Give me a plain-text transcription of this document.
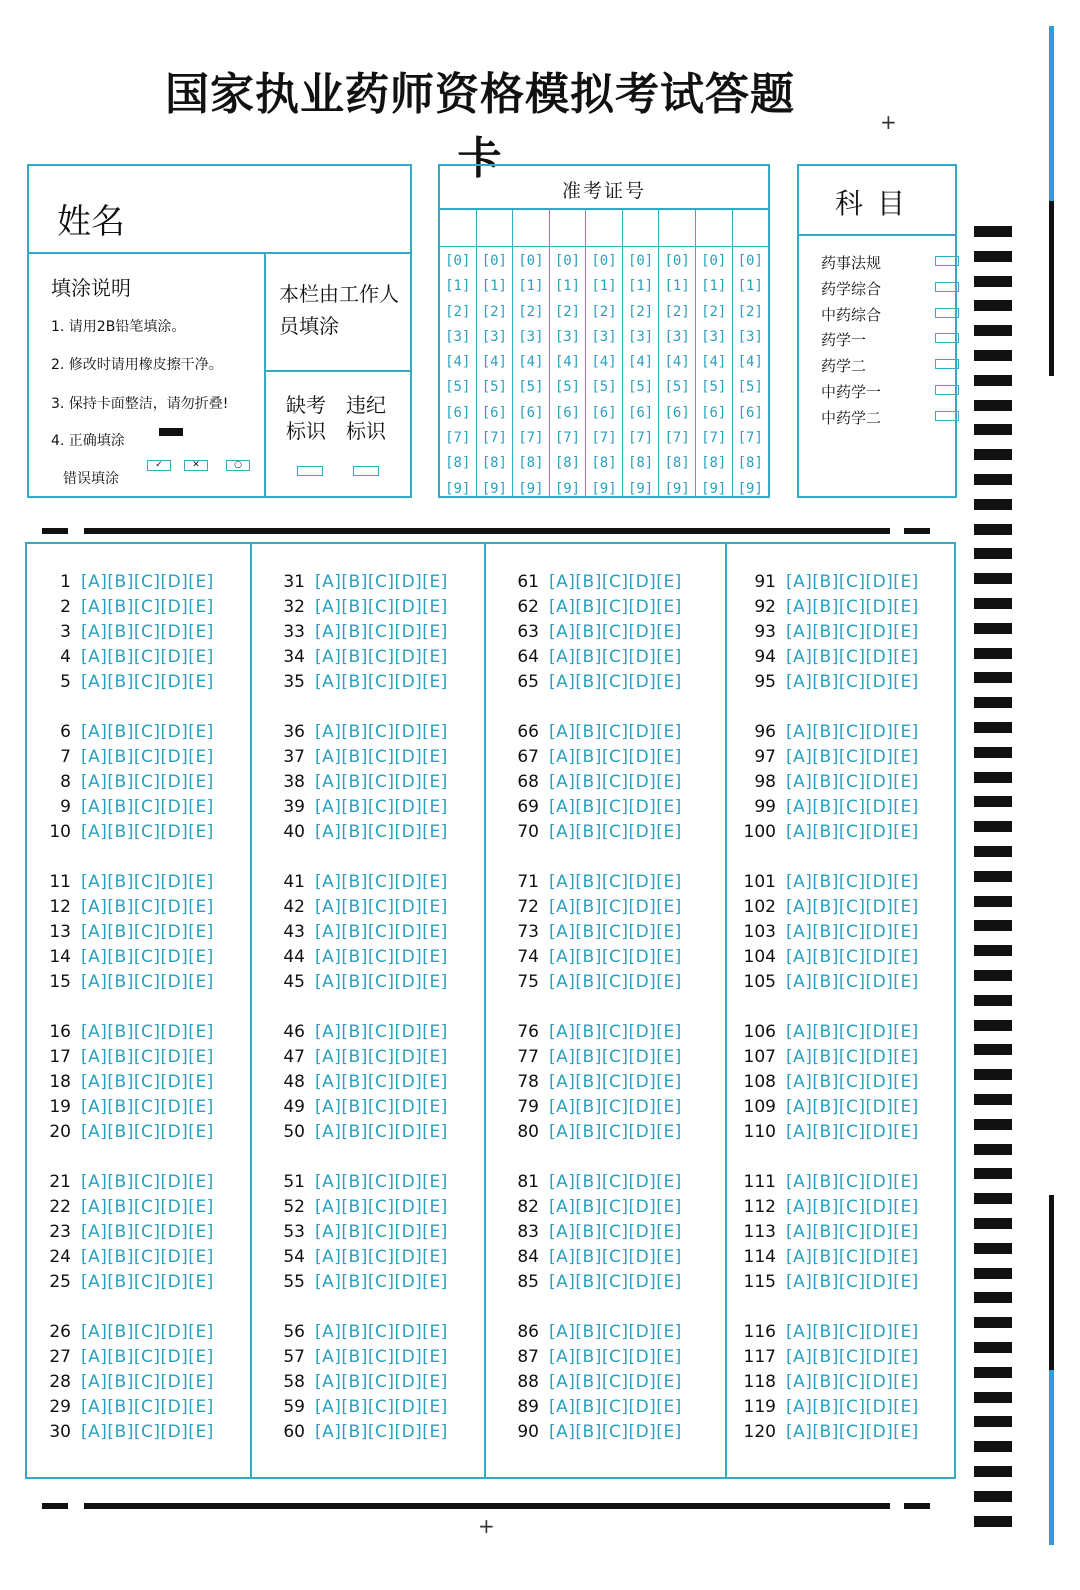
国家执业药师资格模拟考试答题卡
+
姓名
填涂说明
1. 请用2B铅笔填涂。
2. 修改时请用橡皮擦干净。
3. 保持卡面整洁，请勿折叠!
4. 正确填涂
错误填涂
✓	✕	○
本栏由工作人员填涂
缺考标识
违纪标识
准考证号
[0]
[1]
[2]
[3]
[4]
[5]
[6]
[7]
[8]
[9]
[0]
[1]
[2]
[3]
[4]
[5]
[6]
[7]
[8]
[9]
[0]
[1]
[2]
[3]
[4]
[5]
[6]
[7]
[8]
[9]
[0]
[1]
[2]
[3]
[4]
[5]
[6]
[7]
[8]
[9]
[0]
[1]
[2]
[3]
[4]
[5]
[6]
[7]
[8]
[9]
[0]
[1]
[2]
[3]
[4]
[5]
[6]
[7]
[8]
[9]
[0]
[1]
[2]
[3]
[4]
[5]
[6]
[7]
[8]
[9]
[0]
[1]
[2]
[3]
[4]
[5]
[6]
[7]
[8]
[9]
[0]
[1]
[2]
[3]
[4]
[5]
[6]
[7]
[8]
[9]
科目
药事法规
药学综合
中药综合
药学一
药学二
中药学一
中药学二
1 [A][B][C][D][E]
2 [A][B][C][D][E]
3 [A][B][C][D][E]
4 [A][B][C][D][E]
5 [A][B][C][D][E]
6 [A][B][C][D][E]
7 [A][B][C][D][E]
8 [A][B][C][D][E]
9 [A][B][C][D][E]
10 [A][B][C][D][E]
11 [A][B][C][D][E]
12 [A][B][C][D][E]
13 [A][B][C][D][E]
14 [A][B][C][D][E]
15 [A][B][C][D][E]
16 [A][B][C][D][E]
17 [A][B][C][D][E]
18 [A][B][C][D][E]
19 [A][B][C][D][E]
20 [A][B][C][D][E]
21 [A][B][C][D][E]
22 [A][B][C][D][E]
23 [A][B][C][D][E]
24 [A][B][C][D][E]
25 [A][B][C][D][E]
26 [A][B][C][D][E]
27 [A][B][C][D][E]
28 [A][B][C][D][E]
29 [A][B][C][D][E]
30 [A][B][C][D][E]
31 [A][B][C][D][E]
32 [A][B][C][D][E]
33 [A][B][C][D][E]
34 [A][B][C][D][E]
35 [A][B][C][D][E]
36 [A][B][C][D][E]
37 [A][B][C][D][E]
38 [A][B][C][D][E]
39 [A][B][C][D][E]
40 [A][B][C][D][E]
41 [A][B][C][D][E]
42 [A][B][C][D][E]
43 [A][B][C][D][E]
44 [A][B][C][D][E]
45 [A][B][C][D][E]
46 [A][B][C][D][E]
47 [A][B][C][D][E]
48 [A][B][C][D][E]
49 [A][B][C][D][E]
50 [A][B][C][D][E]
51 [A][B][C][D][E]
52 [A][B][C][D][E]
53 [A][B][C][D][E]
54 [A][B][C][D][E]
55 [A][B][C][D][E]
56 [A][B][C][D][E]
57 [A][B][C][D][E]
58 [A][B][C][D][E]
59 [A][B][C][D][E]
60 [A][B][C][D][E]
61 [A][B][C][D][E]
62 [A][B][C][D][E]
63 [A][B][C][D][E]
64 [A][B][C][D][E]
65 [A][B][C][D][E]
66 [A][B][C][D][E]
67 [A][B][C][D][E]
68 [A][B][C][D][E]
69 [A][B][C][D][E]
70 [A][B][C][D][E]
71 [A][B][C][D][E]
72 [A][B][C][D][E]
73 [A][B][C][D][E]
74 [A][B][C][D][E]
75 [A][B][C][D][E]
76 [A][B][C][D][E]
77 [A][B][C][D][E]
78 [A][B][C][D][E]
79 [A][B][C][D][E]
80 [A][B][C][D][E]
81 [A][B][C][D][E]
82 [A][B][C][D][E]
83 [A][B][C][D][E]
84 [A][B][C][D][E]
85 [A][B][C][D][E]
86 [A][B][C][D][E]
87 [A][B][C][D][E]
88 [A][B][C][D][E]
89 [A][B][C][D][E]
90 [A][B][C][D][E]
91 [A][B][C][D][E]
92 [A][B][C][D][E]
93 [A][B][C][D][E]
94 [A][B][C][D][E]
95 [A][B][C][D][E]
96 [A][B][C][D][E]
97 [A][B][C][D][E]
98 [A][B][C][D][E]
99 [A][B][C][D][E]
100 [A][B][C][D][E]
101 [A][B][C][D][E]
102 [A][B][C][D][E]
103 [A][B][C][D][E]
104 [A][B][C][D][E]
105 [A][B][C][D][E]
106 [A][B][C][D][E]
107 [A][B][C][D][E]
108 [A][B][C][D][E]
109 [A][B][C][D][E]
110 [A][B][C][D][E]
111 [A][B][C][D][E]
112 [A][B][C][D][E]
113 [A][B][C][D][E]
114 [A][B][C][D][E]
115 [A][B][C][D][E]
116 [A][B][C][D][E]
117 [A][B][C][D][E]
118 [A][B][C][D][E]
119 [A][B][C][D][E]
120 [A][B][C][D][E]
+
